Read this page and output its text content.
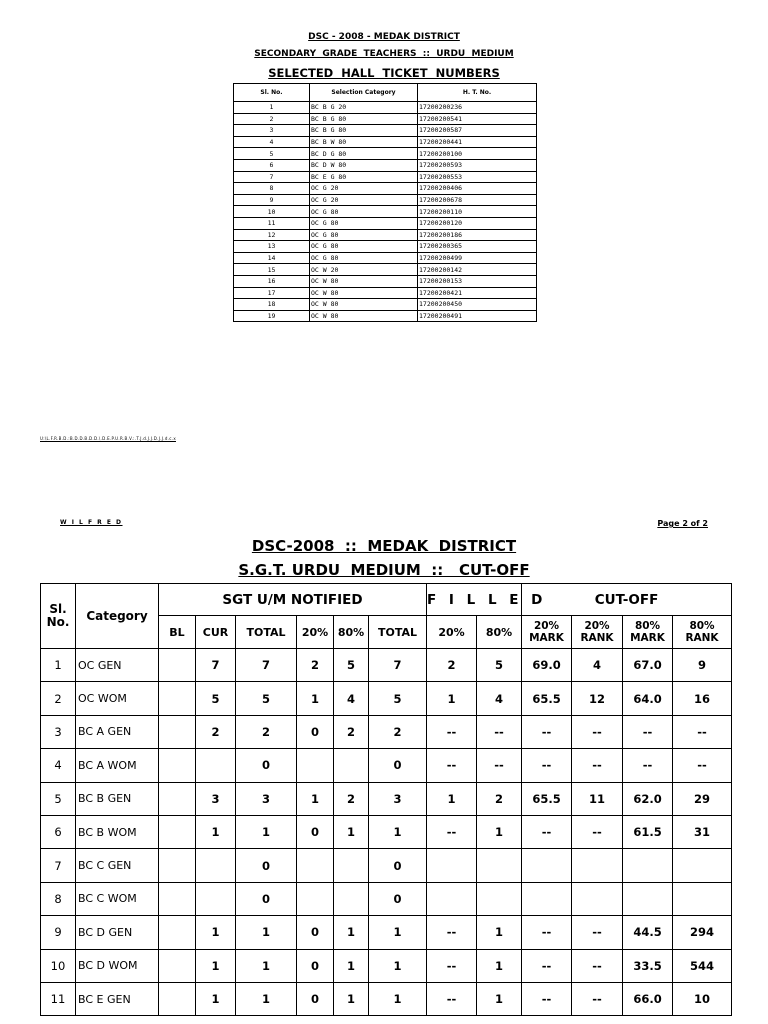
DSC - 2008 - MEDAK DISTRICT
SECONDARY  GRADE  TEACHERS  ::  URDU  MEDIUM
SELECTED  HALL  TICKET  NUMBERS
Sl. No.	Selection Category	H. T. No.
1	BC B G 20	17200200236
2	BC B G 80	17200200541
3	BC B G 80	17200200587
4	BC B W 80	17200200441
5	BC D G 80	17200200100
6	BC D W 80	17200200593
7	BC E G 80	17200200553
8	OC G 20	17200200406
9	OC G 20	17200200678
10	OC G 80	17200200110
11	OC G 80	17200200120
12	OC G 80	17200200186
13	OC G 80	17200200365
14	OC G 80	17200200499
15	OC W 20	17200200142
16	OC W 80	17200200153
17	OC W 80	17200200421
18	OC W 80	17200200450
19	OC W 80	17200200491
U:\L.F.R.B.D.:B.D.D.B.D.D.\.D.E.P.U.R.B.V.:.T.J.d.J.J.D.J.J.d.c.x
W I L F R E D	Page 2 of 2
DSC-2008  ::  MEDAK  DISTRICT
S.G.T. URDU  MEDIUM  ::   CUT-OFF
Sl. No.	Category	SGT U/M NOTIFIED						F I L L E D		CUT-OFF			
		BL	CUR	TOTAL	20%	80%	TOTAL	20%	80%	20% MARK	20% RANK	80% MARK	80% RANK
1	OC GEN		7	7	2	5	7	2	5	69.0	4	67.0	9
2	OC WOM		5	5	1	4	5	1	4	65.5	12	64.0	16
3	BC A GEN		2	2	0	2	2	--	--	--	--	--	--
4	BC A WOM			0			0	--	--	--	--	--	--
5	BC B GEN		3	3	1	2	3	1	2	65.5	11	62.0	29
6	BC B WOM		1	1	0	1	1	--	1	--	--	61.5	31
7	BC C GEN			0			0						
8	BC C WOM			0			0						
9	BC D GEN		1	1	0	1	1	--	1	--	--	44.5	294
10	BC D WOM		1	1	0	1	1	--	1	--	--	33.5	544
11	BC E GEN		1	1	0	1	1	--	1	--	--	66.0	10
